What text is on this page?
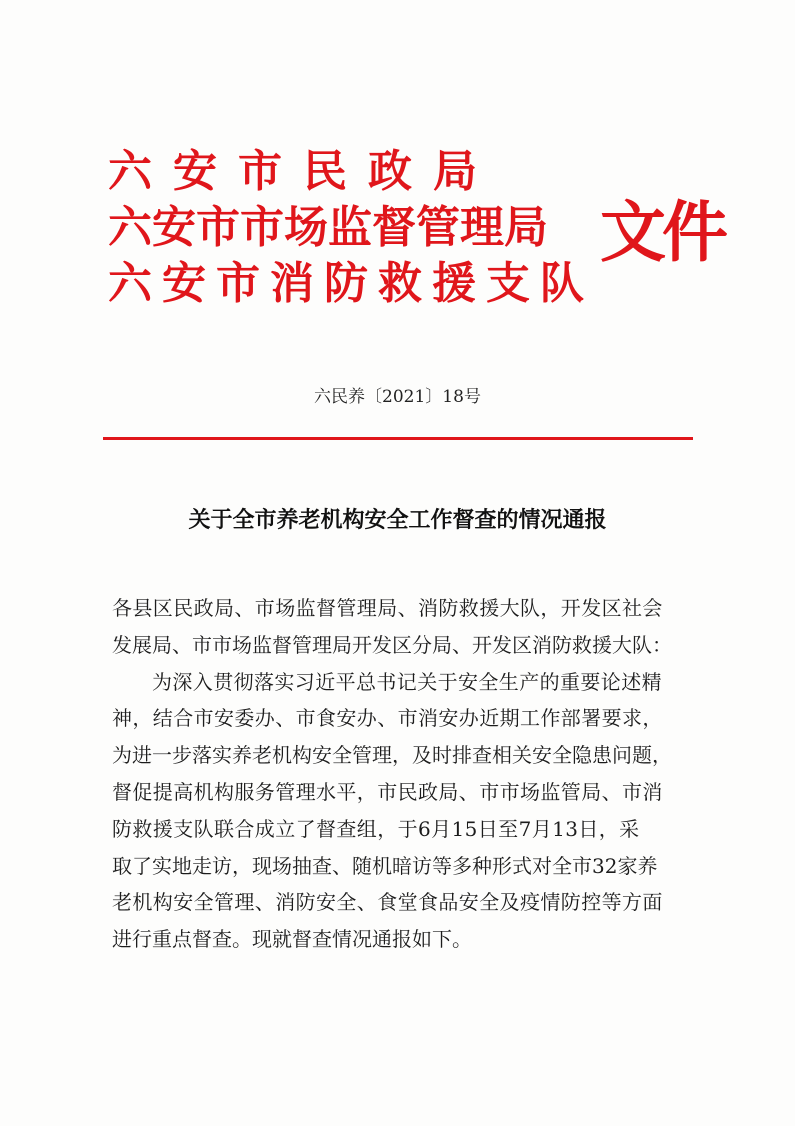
六安市民政局
六安市市场监督管理局
六安市消防救援支队
文件
六民养〔2021〕18号
关于全市养老机构安全工作督查的情况通报
各县区民政局、市场监督管理局、消防救援大队，开发区社会
发展局、市市场监督管理局开发区分局、开发区消防救援大队：
为深入贯彻落实习近平总书记关于安全生产的重要论述精
神，结合市安委办、市食安办、市消安办近期工作部署要求，
为进一步落实养老机构安全管理，及时排查相关安全隐患问题，
督促提高机构服务管理水平，市民政局、市市场监管局、市消
防救援支队联合成立了督查组，于6月15日至7月13日，采
取了实地走访，现场抽查、随机暗访等多种形式对全市32家养
老机构安全管理、消防安全、食堂食品安全及疫情防控等方面
进行重点督查。现就督查情况通报如下。
